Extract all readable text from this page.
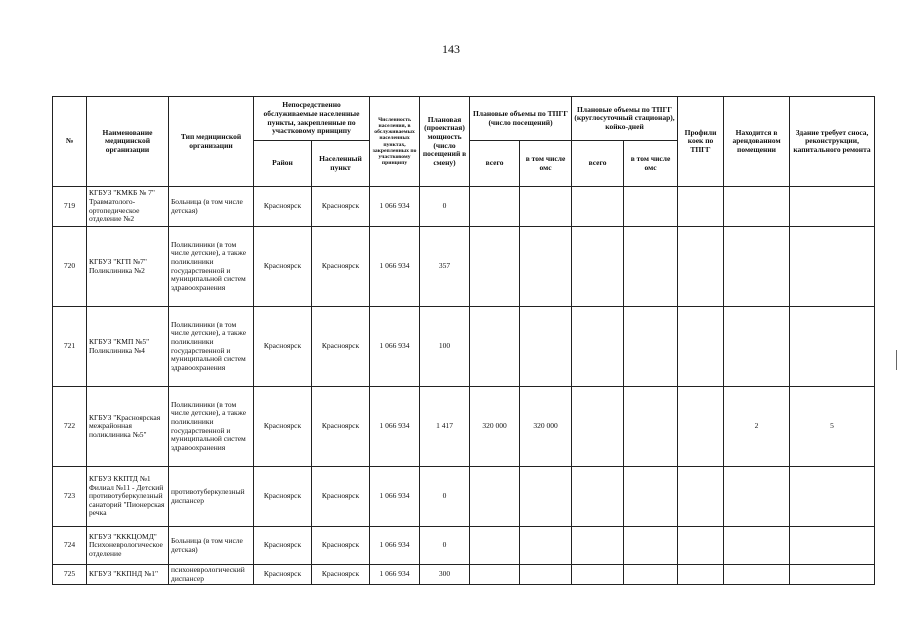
143
№	Наименование медицинской организации	Тип медицинской организации	Непосредственно обслуживаемые населенные пункты, закрепленные по участковому принципу		Численность населения, в обслуживаемых населенных пунктах, закрепленных по участковому принципу	Плановая (проектная) мощность (число посещений в смену)	Плановые объемы по ТПГГ (число посещений)		Плановые объемы по ТПГГ (круглосуточный стационар), койко-дней		Профили коек по ТПГГ	Находится в арендованном помещении	Здание требует сноса, реконструкции, капитального ремонта
			Район	Населенный пункт			всего	в том числе омс	всего	в том числе омс			
719	КГБУЗ "КМКБ № 7" Травматолого-ортопедическое отделение №2	Больница (в том числе детская)	Красноярск	Красноярск	1 066 934	0							
720	КГБУЗ "КГП №7" Поликлиника №2	Поликлиники (в том числе детские), а также поликлиники государственной и муниципальной систем здравоохранения	Красноярск	Красноярск	1 066 934	357							
721	КГБУЗ "КМП №5" Поликлиника №4	Поликлиники (в том числе детские), а также поликлиники государственной и муниципальной систем здравоохранения	Красноярск	Красноярск	1 066 934	100							
722	КГБУЗ "Красноярская межрайонная поликлиника №5"	Поликлиники (в том числе детские), а также поликлиники государственной и муниципальной систем здравоохранения	Красноярск	Красноярск	1 066 934	1 417	320 000	320 000				2	5
723	КГБУЗ ККПТД №1 Филиал №11 - Детский противотуберкулезный санаторий "Пионерская речка	противотуберкулезный диспансер	Красноярск	Красноярск	1 066 934	0							
724	КГБУЗ "КККЦОМД" Психоневрологическое отделение	Больница (в том числе детская)	Красноярск	Красноярск	1 066 934	0							
725	КГБУЗ "ККПНД №1"	психоневрологический диспансер	Красноярск	Красноярск	1 066 934	300							
